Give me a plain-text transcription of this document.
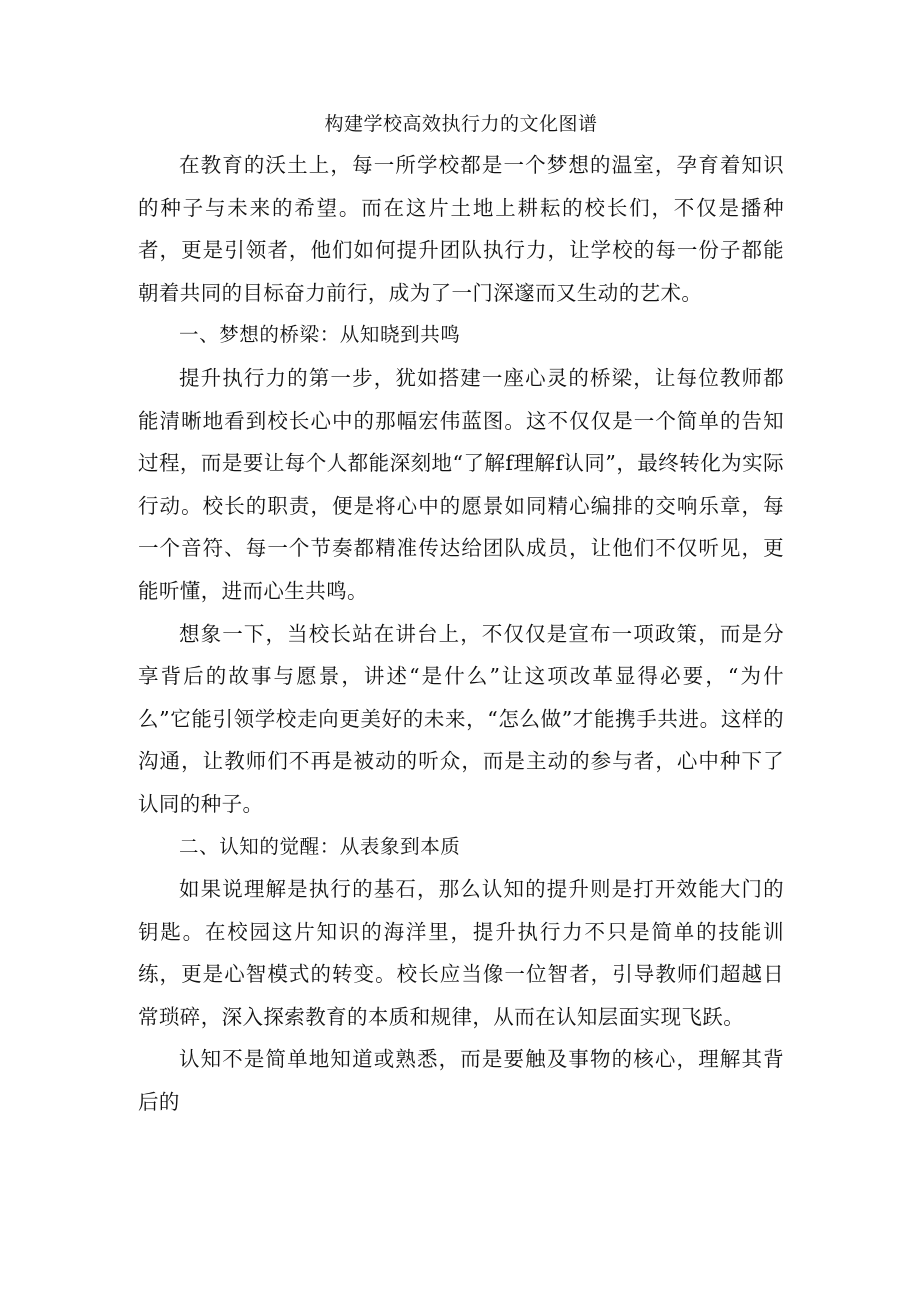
构建学校高效执行力的文化图谱

在教育的沃土上，每一所学校都是一个梦想的温室，孕育着知识的种子与未来的希望。而在这片土地上耕耘的校长们，不仅是播种者，更是引领者，他们如何提升团队执行力，让学校的每一份子都能朝着共同的目标奋力前行，成为了一门深邃而又生动的艺术。

一、梦想的桥梁：从知晓到共鸣

提升执行力的第一步，犹如搭建一座心灵的桥梁，让每位教师都能清晰地看到校长心中的那幅宏伟蓝图。这不仅仅是一个简单的告知过程，而是要让每个人都能深刻地“了解f理解f认同”，最终转化为实际行动。校长的职责，便是将心中的愿景如同精心编排的交响乐章，每一个音符、每一个节奏都精准传达给团队成员，让他们不仅听见，更能听懂，进而心生共鸣。

想象一下，当校长站在讲台上，不仅仅是宣布一项政策，而是分享背后的故事与愿景，讲述“是什么”让这项改革显得必要，“为什么”它能引领学校走向更美好的未来，“怎么做”才能携手共进。这样的沟通，让教师们不再是被动的听众，而是主动的参与者，心中种下了认同的种子。

二、认知的觉醒：从表象到本质

如果说理解是执行的基石，那么认知的提升则是打开效能大门的钥匙。在校园这片知识的海洋里，提升执行力不只是简单的技能训练，更是心智模式的转变。校长应当像一位智者，引导教师们超越日常琐碎，深入探索教育的本质和规律，从而在认知层面实现飞跃。

认知不是简单地知道或熟悉，而是要触及事物的核心，理解其背后的
